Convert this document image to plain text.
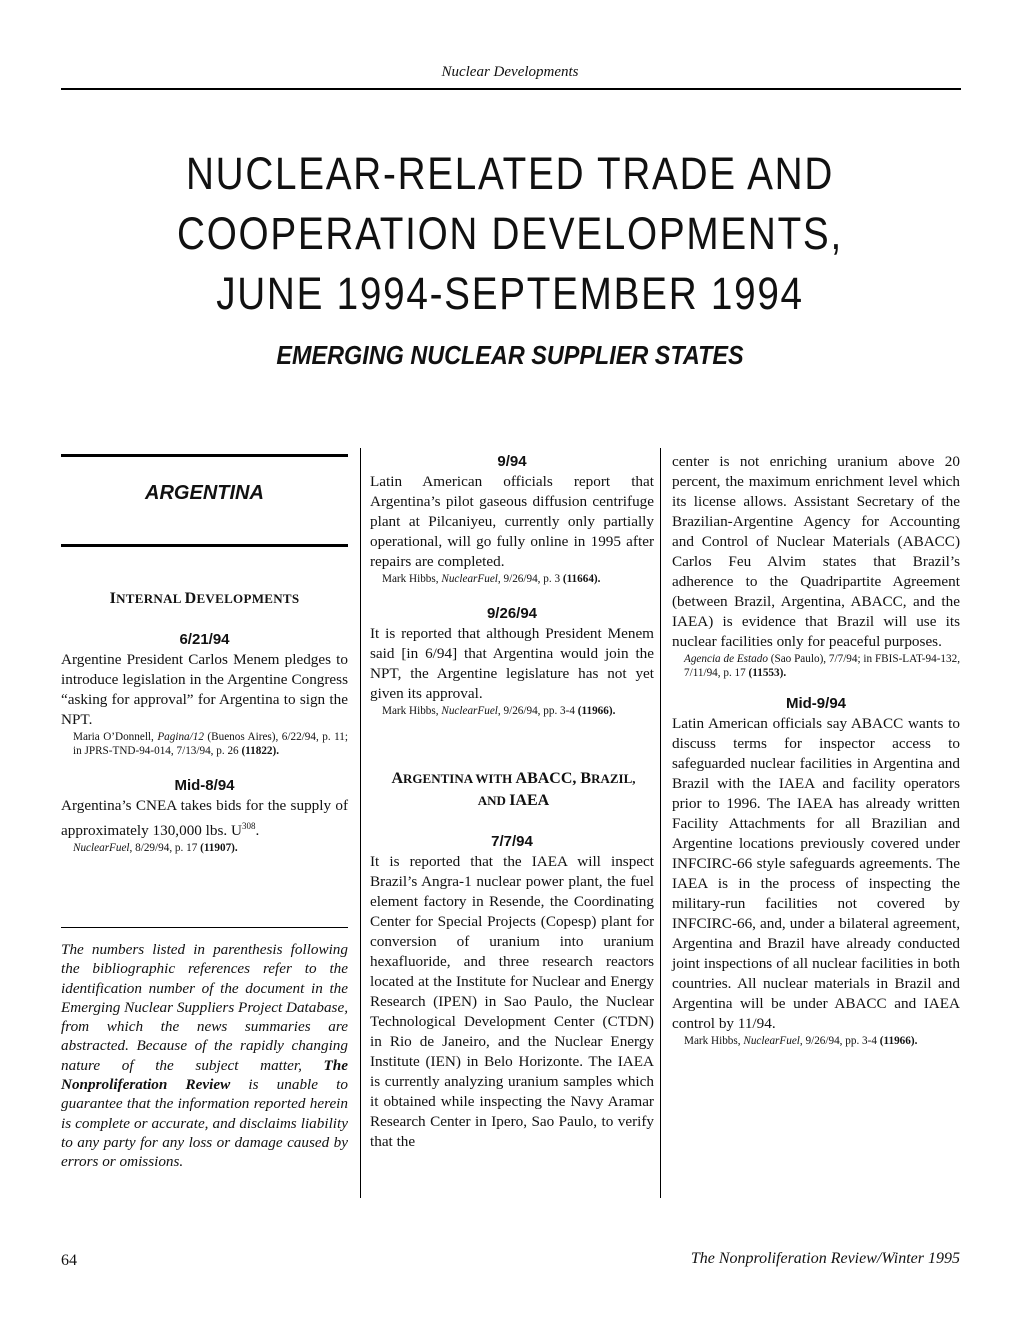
Nuclear Developments
NUCLEAR-RELATED TRADE AND
COOPERATION DEVELOPMENTS,
JUNE 1994-SEPTEMBER 1994
EMERGING NUCLEAR SUPPLIER STATES
ARGENTINA
INTERNAL DEVELOPMENTS
6/21/94

Argentine President Carlos Menem pledges to introduce legislation in the Argentine Congress “asking for approval” for Argentina to sign the NPT.

Maria O’Donnell, Pagina/12 (Buenos Aires), 6/22/94, p. 11; in JPRS-TND-94-014, 7/13/94, p. 26 (11822).

Mid-8/94

Argentina’s CNEA takes bids for the supply of approximately 130,000 lbs. $U^{308}$.

NuclearFuel, 8/29/94, p. 17 (11907).

The numbers listed in parenthesis following the bibliographic references refer to the identification number of the document in the Emerging Nuclear Suppliers Project Database, from which the news summaries are abstracted. Because of the rapidly changing nature of the subject matter, The Nonproliferation Review is unable to guarantee that the information reported herein is complete or accurate, and disclaims liability to any party for any loss or damage caused by errors or omissions.

9/94

Latin American officials report that Argentina’s pilot gaseous diffusion centrifuge plant at Pilcaniyeu, currently only partially operational, will go fully online in 1995 after repairs are completed.

Mark Hibbs, NuclearFuel, 9/26/94, p. 3 (11664).

9/26/94

It is reported that although President Menem said [in 6/94] that Argentina would join the NPT, the Argentine legislature has not yet given its approval.

Mark Hibbs, NuclearFuel, 9/26/94, pp. 3-4 (11966).

ARGENTINA WITH ABACC, BRAZIL,
AND IAEA
7/7/94

It is reported that the IAEA will inspect Brazil’s Angra-1 nuclear power plant, the fuel element factory in Resende, the Coordinating Center for Special Projects (Copesp) plant for conversion of uranium into uranium hexafluoride, and three research reactors located at the Institute for Nuclear and Energy Research (IPEN) in Sao Paulo, the Nuclear Technological Development Center (CTDN) in Rio de Janeiro, and the Nuclear Energy Institute (IEN) in Belo Horizonte. The IAEA is currently analyzing uranium samples which it obtained while inspecting the Navy Aramar Research Center in Ipero, Sao Paulo, to verify that the

center is not enriching uranium above 20 percent, the maximum enrichment level which its license allows. Assistant Secretary of the Brazilian-Argentine Agency for Accounting and Control of Nuclear Materials (ABACC) Carlos Feu Alvim states that Brazil’s adherence to the Quadripartite Agreement (between Brazil, Argentina, ABACC, and the IAEA) is evidence that Brazil will use its nuclear facilities only for peaceful purposes.

Agencia de Estado (Sao Paulo), 7/7/94; in FBIS-LAT-94-132, 7/11/94, p. 17 (11553).

Mid-9/94

Latin American officials say ABACC wants to discuss terms for inspector access to safeguarded nuclear facilities in Argentina and Brazil with the IAEA and facility operators prior to 1996. The IAEA has already written Facility Attachments for all Brazilian and Argentine locations previously covered under INFCIRC-66 style safeguards agreements. The IAEA is in the process of inspecting the military-run facilities not covered by INFCIRC-66, and, under a bilateral agreement, Argentina and Brazil have already conducted joint inspections of all nuclear facilities in both countries. All nuclear materials in Brazil and Argentina will be under ABACC and IAEA control by 11/94.

Mark Hibbs, NuclearFuel, 9/26/94, pp. 3-4 (11966).

64	The Nonproliferation Review/Winter 1995
